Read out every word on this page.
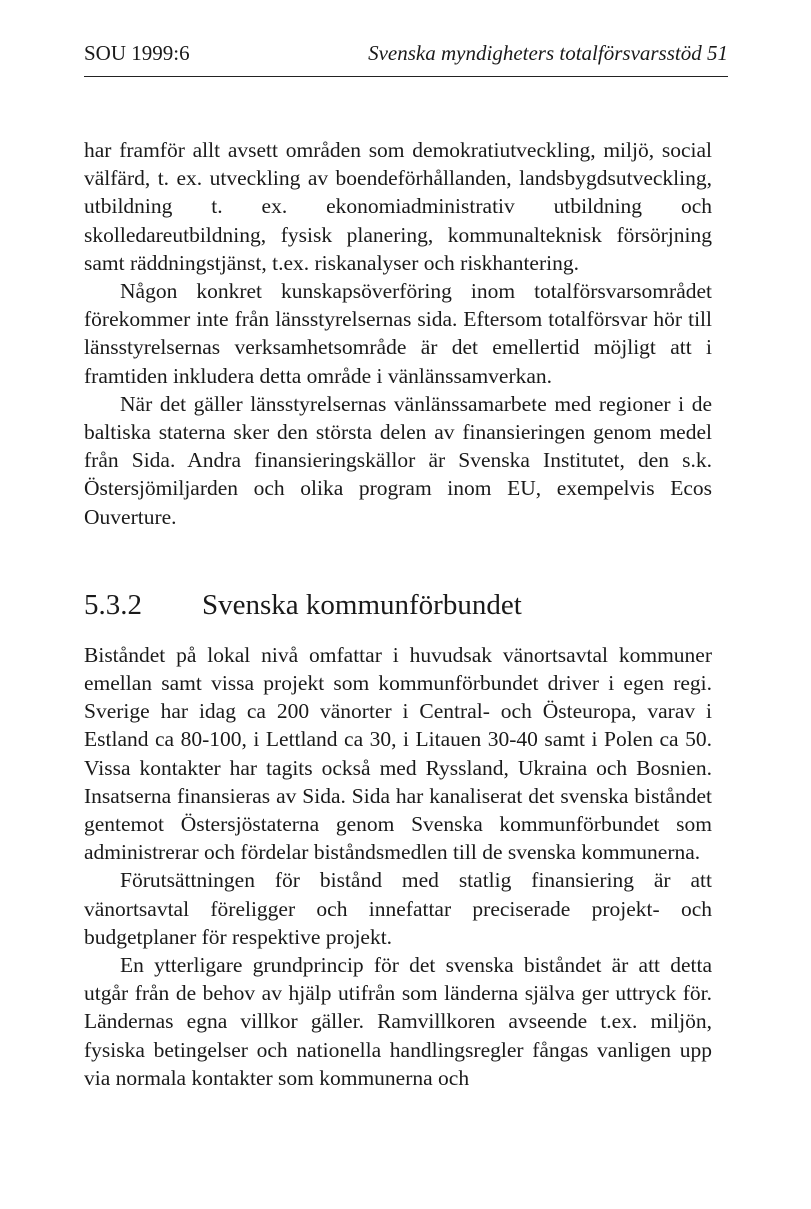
SOU 1999:6	Svenska myndigheters totalförsvarsstöd 51

har framför allt avsett områden som demokratiutveckling, miljö, social välfärd, t. ex. utveckling av boendeförhållanden, landsbygdsutveckling, utbildning t. ex. ekonomiadministrativ utbildning och skolledareutbildning, fysisk planering, kommunalteknisk försörjning samt räddningstjänst, t.ex. riskanalyser och riskhantering.

Någon konkret kunskapsöverföring inom totalförsvarsområdet förekommer inte från länsstyrelsernas sida. Eftersom totalförsvar hör till länsstyrelsernas verksamhetsområde är det emellertid möjligt att i framtiden inkludera detta område i vänlänssamverkan.

När det gäller länsstyrelsernas vänlänssamarbete med regioner i de baltiska staterna sker den största delen av finansieringen genom medel från Sida. Andra finansieringskällor är Svenska Institutet, den s.k. Östersjömiljarden och olika program inom EU, exempelvis Ecos Ouverture.

5.3.2 Svenska kommunförbundet

Biståndet på lokal nivå omfattar i huvudsak vänortsavtal kommuner emellan samt vissa projekt som kommunförbundet driver i egen regi. Sverige har idag ca 200 vänorter i Central- och Östeuropa, varav i Estland ca 80-100, i Lettland ca 30, i Litauen 30-40 samt i Polen ca 50. Vissa kontakter har tagits också med Ryssland, Ukraina och Bosnien. Insatserna finansieras av Sida. Sida har kanaliserat det svenska biståndet gentemot Östersjöstaterna genom Svenska kommunförbundet som administrerar och fördelar biståndsmedlen till de svenska kommunerna.

Förutsättningen för bistånd med statlig finansiering är att vänortsavtal föreligger och innefattar preciserade projekt- och budgetplaner för respektive projekt.

En ytterligare grundprincip för det svenska biståndet är att detta utgår från de behov av hjälp utifrån som länderna själva ger uttryck för. Ländernas egna villkor gäller. Ramvillkoren avseende t.ex. miljön, fysiska betingelser och nationella handlingsregler fångas vanligen upp via normala kontakter som kommunerna och
